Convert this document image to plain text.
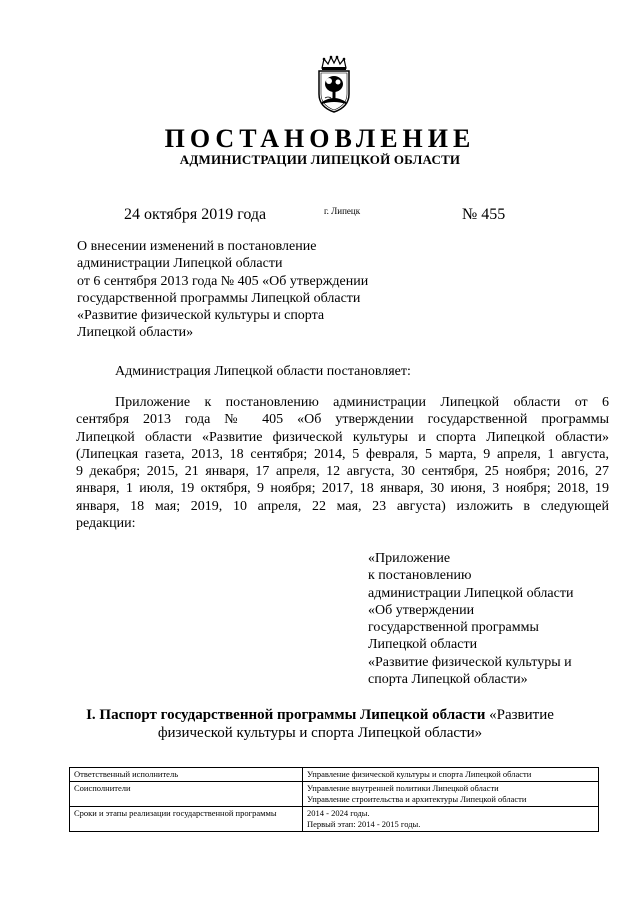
ПОСТАНОВЛЕНИЕ
АДМИНИСТРАЦИИ ЛИПЕЦКОЙ ОБЛАСТИ
24 октября 2019 года	г. Липецк	№ 455
О внесении изменений в постановление
администрации Липецкой области
от 6 сентября 2013 года № 405 «Об утверждении
государственной программы Липецкой области
«Развитие физической культуры и спорта
Липецкой области»
Администрация Липецкой области постановляет:
Приложение к постановлению администрации Липецкой области от 6
сентября 2013 года № 405 «Об утверждении государственной программы
Липецкой области «Развитие физической культуры и спорта Липецкой области»
(Липецкая газета, 2013, 18 сентября; 2014, 5 февраля, 5 марта, 9 апреля, 1 августа,
9 декабря; 2015, 21 января, 17 апреля, 12 августа, 30 сентября, 25 ноября; 2016, 27
января, 1 июля, 19 октября, 9 ноября; 2017, 18 января, 30 июня, 3 ноября; 2018, 19
января, 18 мая; 2019, 10 апреля, 22 мая, 23 августа) изложить в следующей
редакции:
«Приложение
к постановлению
администрации Липецкой области
«Об утверждении
государственной программы
Липецкой области
«Развитие физической культуры и
спорта Липецкой области»
I. Паспорт государственной программы Липецкой области «Развитие
физической культуры и спорта Липецкой области»
Ответственный исполнитель	Управление физической культуры и спорта Липецкой области

Соисполнители	Управление внутренней политики Липецкой области
Управление строительства и архитектуры Липецкой области

Сроки и этапы реализации государственной программы	2014 - 2024 годы.
Первый этап: 2014 - 2015 годы.
